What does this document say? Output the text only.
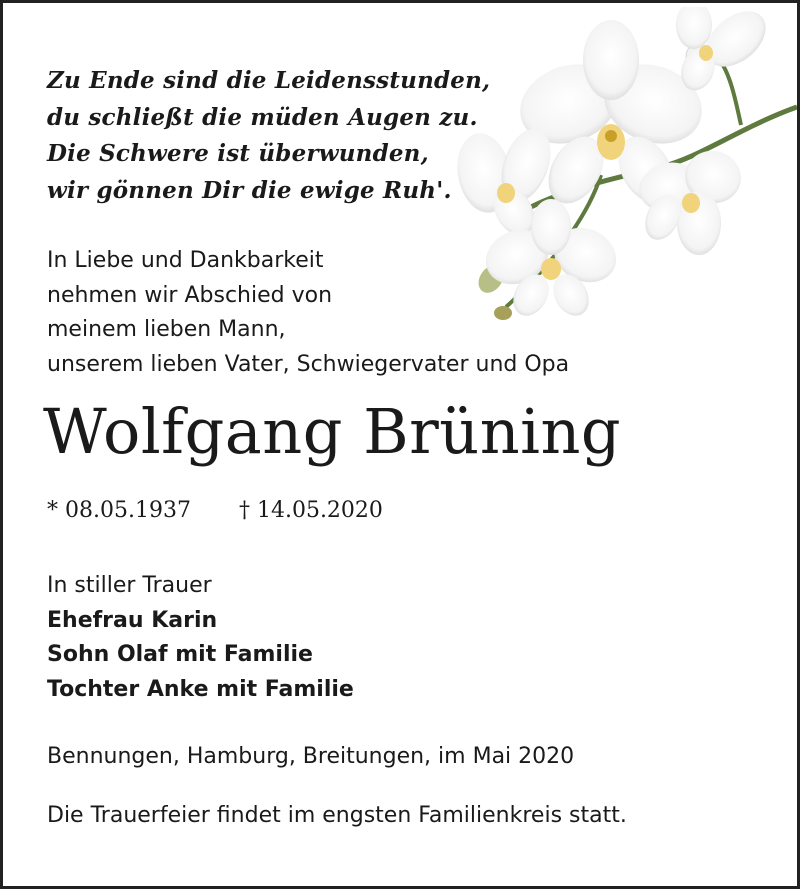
Zu Ende sind die Leidensstunden,
du schließt die müden Augen zu.
Die Schwere ist überwunden,
wir gönnen Dir die ewige Ruh'.
In Liebe und Dankbarkeit
nehmen wir Abschied von
meinem lieben Mann,
unserem lieben Vater, Schwiegervater und Opa
Wolfgang Brüning
* 08.05.1937 † 14.05.2020
In stiller Trauer
Ehefrau Karin
Sohn Olaf mit Familie
Tochter Anke mit Familie
Bennungen, Hamburg, Breitungen, im Mai 2020
Die Trauerfeier findet im engsten Familienkreis statt.
